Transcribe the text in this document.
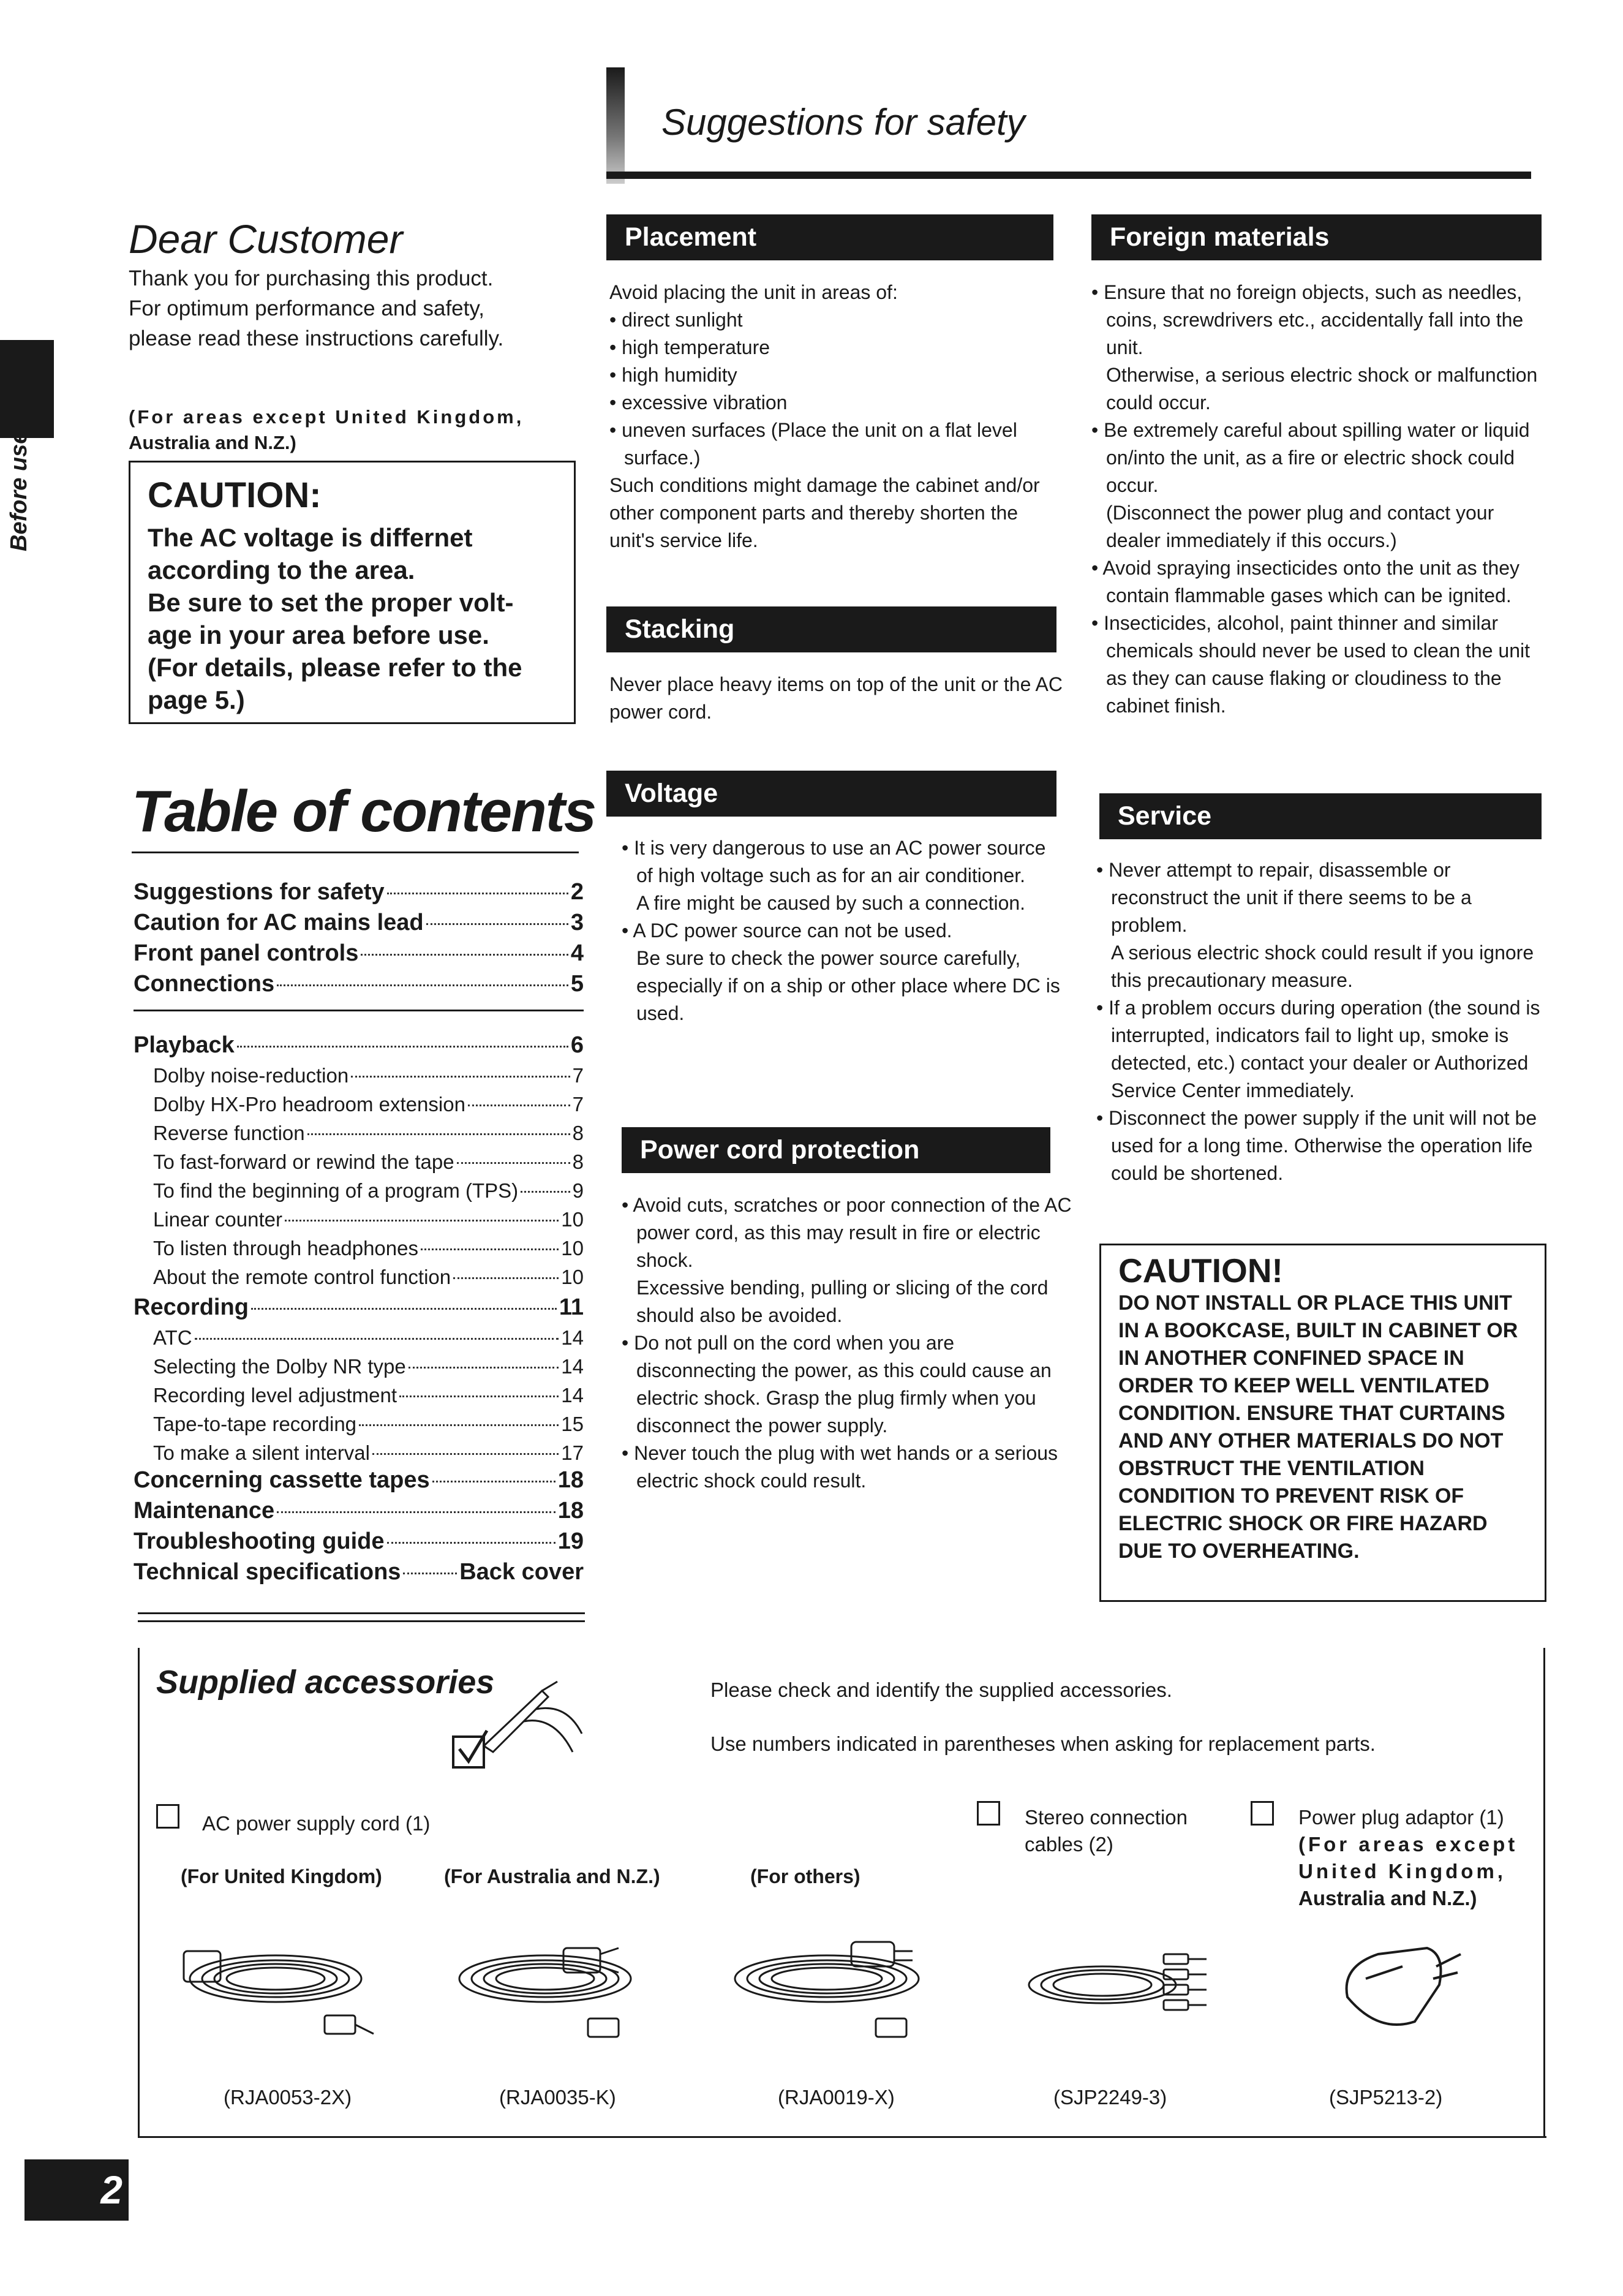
Suggestions for safety
Before use
Dear Customer
Thank you for purchasing this product.
For optimum performance and safety,
please read these instructions carefully.
(For areas except United Kingdom,
Australia and N.Z.)
CAUTION:
The AC voltage is differnet
according to the area.
Be sure to set the proper volt-
age in your area before use.
(For details, please refer to the
page 5.)
Table of contents
Suggestions for safety	2
Caution for AC mains lead	3
Front panel controls	4
Connections	5
Playback	6
Dolby noise-reduction	7
Dolby HX-Pro headroom extension	7
Reverse function	8
To fast-forward or rewind the tape	8
To find the beginning of a program (TPS)	9
Linear counter	10
To listen through headphones	10
About the remote control function	10
Recording	11
ATC	14
Selecting the Dolby NR type	14
Recording level adjustment	14
Tape-to-tape recording	15
To make a silent interval	17
Concerning cassette tapes	18
Maintenance	18
Troubleshooting guide	19
Technical specifications	Back cover
Placement

Avoid placing the unit in areas of:

• direct sunlight

• high temperature

• high humidity

• excessive vibration

• uneven surfaces (Place the unit on a flat level surface.)

Such conditions might damage the cabinet and/or other component parts and thereby shorten the unit's service life.

Stacking
Never place heavy items on top of the unit or the AC power cord.
Voltage

• It is very dangerous to use an AC power source of high voltage such as for an air conditioner.

A fire might be caused by such a connection.

• A DC power source can not be used.

Be sure to check the power source carefully, especially if on a ship or other place where DC is used.

Power cord protection

• Avoid cuts, scratches or poor connection of the AC power cord, as this may result in fire or electric shock.

Excessive bending, pulling or slicing of the cord should also be avoided.

• Do not pull on the cord when you are disconnecting the power, as this could cause an electric shock. Grasp the plug firmly when you disconnect the power supply.

• Never touch the plug with wet hands or a serious electric shock could result.

Foreign materials

• Ensure that no foreign objects, such as needles, coins, screwdrivers etc., accidentally fall into the unit.

Otherwise, a serious electric shock or malfunction could occur.

• Be extremely careful about spilling water or liquid on/into the unit, as a fire or electric shock could occur.

(Disconnect the power plug and contact your dealer immediately if this occurs.)

• Avoid spraying insecticides onto the unit as they contain flammable gases which can be ignited.

• Insecticides, alcohol, paint thinner and similar chemicals should never be used to clean the unit as they can cause flaking or cloudiness to the cabinet finish.

Service

• Never attempt to repair, disassemble or reconstruct the unit if there seems to be a problem.

A serious electric shock could result if you ignore this precautionary measure.

• If a problem occurs during operation (the sound is interrupted, indicators fail to light up, smoke is detected, etc.) contact your dealer or Authorized Service Center immediately.

• Disconnect the power supply if the unit will not be used for a long time. Otherwise the operation life could be shortened.

CAUTION!
DO NOT INSTALL OR PLACE THIS UNIT IN A BOOKCASE, BUILT IN CABINET OR IN ANOTHER CONFINED SPACE IN ORDER TO KEEP WELL VENTILATED CONDITION. ENSURE THAT CURTAINS AND ANY OTHER MATERIALS DO NOT OBSTRUCT THE VENTILATION CONDITION TO PREVENT RISK OF ELECTRIC SHOCK OR FIRE HAZARD DUE TO OVERHEATING.
Supplied accessories	Please check and identify the supplied accessories.
Use numbers indicated in parentheses when asking for replacement parts.
AC power supply cord (1)
(For United Kingdom)	(For Australia and N.Z.)	(For others)
Stereo connection
cables (2)
Power plug adaptor (1)
(For areas except
United Kingdom,
Australia and N.Z.)
(RJA0053-2X)	(RJA0035-K)	(RJA0019-X)	(SJP2249-3)	(SJP5213-2)
2
